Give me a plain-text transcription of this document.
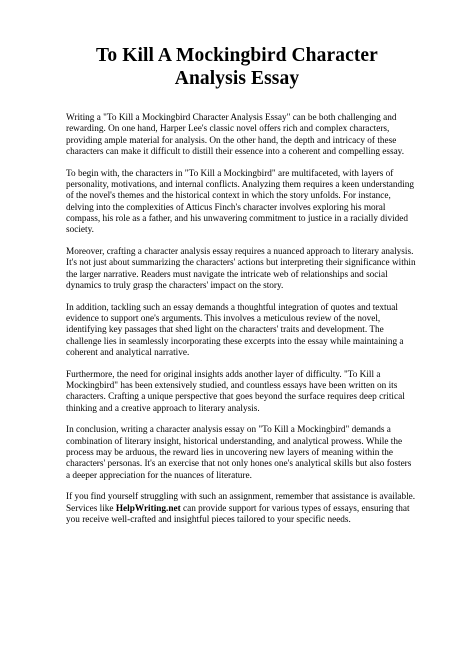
To Kill A Mockingbird Character Analysis Essay

Writing a "To Kill a Mockingbird Character Analysis Essay" can be both challenging and rewarding. On one hand, Harper Lee's classic novel offers rich and complex characters, providing ample material for analysis. On the other hand, the depth and intricacy of these characters can make it difficult to distill their essence into a coherent and compelling essay.

To begin with, the characters in "To Kill a Mockingbird" are multifaceted, with layers of personality, motivations, and internal conflicts. Analyzing them requires a keen understanding of the novel's themes and the historical context in which the story unfolds. For instance, delving into the complexities of Atticus Finch's character involves exploring his moral compass, his role as a father, and his unwavering commitment to justice in a racially divided society.

Moreover, crafting a character analysis essay requires a nuanced approach to literary analysis. It's not just about summarizing the characters' actions but interpreting their significance within the larger narrative. Readers must navigate the intricate web of relationships and social dynamics to truly grasp the characters' impact on the story.

In addition, tackling such an essay demands a thoughtful integration of quotes and textual evidence to support one's arguments. This involves a meticulous review of the novel, identifying key passages that shed light on the characters' traits and development. The challenge lies in seamlessly incorporating these excerpts into the essay while maintaining a coherent and analytical narrative.

Furthermore, the need for original insights adds another layer of difficulty. "To Kill a Mockingbird" has been extensively studied, and countless essays have been written on its characters. Crafting a unique perspective that goes beyond the surface requires deep critical thinking and a creative approach to literary analysis.

In conclusion, writing a character analysis essay on "To Kill a Mockingbird" demands a combination of literary insight, historical understanding, and analytical prowess. While the process may be arduous, the reward lies in uncovering new layers of meaning within the characters' personas. It's an exercise that not only hones one's analytical skills but also fosters a deeper appreciation for the nuances of literature.

If you find yourself struggling with such an assignment, remember that assistance is available. Services like HelpWriting.net can provide support for various types of essays, ensuring that you receive well-crafted and insightful pieces tailored to your specific needs.
